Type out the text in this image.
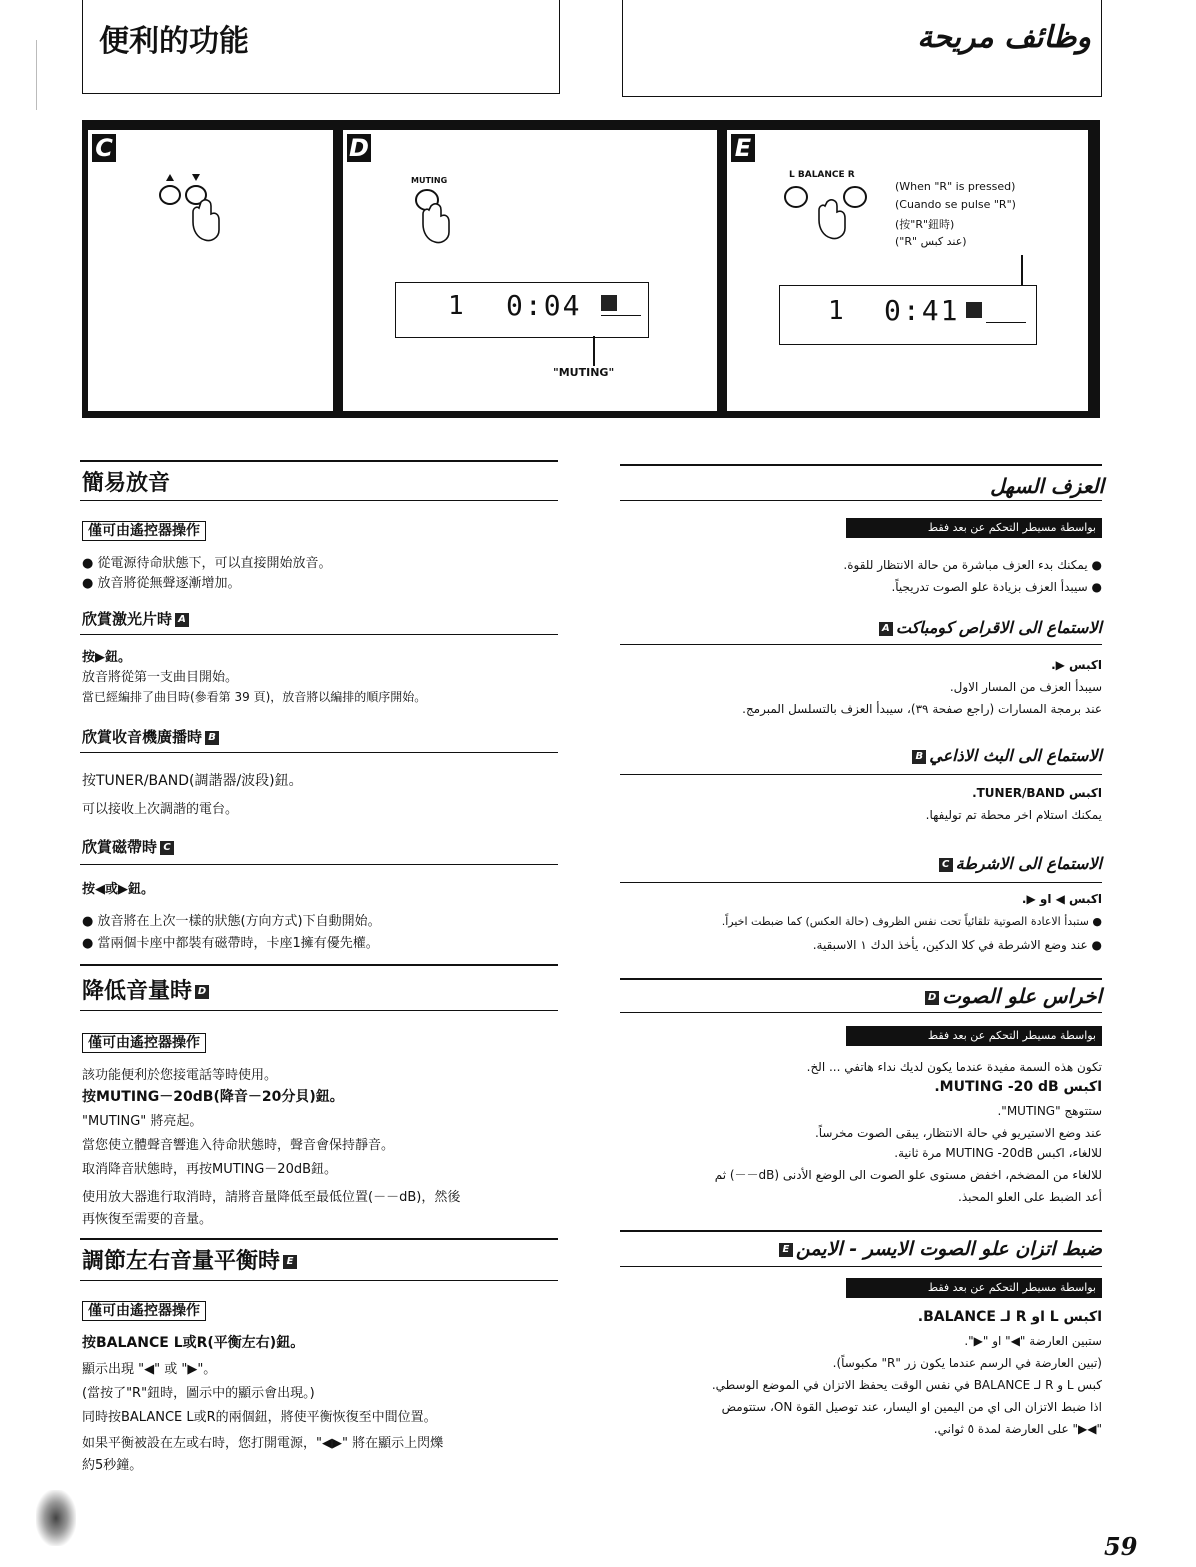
便利的功能	وظائف مريحة
C	D
MUTING
1 0:04
"MUTING"
E
L BALANCE R
(When "R" is pressed)
(Cuando se pulse "R")
(按"R"鈕時)
("R" عند كبس)
1 0:41
簡易放音
僅可由遙控器操作
● 從電源待命狀態下，可以直接開始放音。
● 放音將從無聲逐漸增加。
欣賞激光片時 A
按▶鈕。
放音將從第一支曲目開始。
當已經編排了曲目時(參看第 39 頁)，放音將以編排的順序開始。
欣賞收音機廣播時 B
按TUNER/BAND(調諧器/波段)鈕。
可以接收上次調諧的電台。
欣賞磁帶時 C
按◀或▶鈕。
● 放音將在上次一樣的狀態(方向方式)下自動開始。
● 當兩個卡座中都裝有磁帶時，卡座1擁有優先權。
降低音量時 D
僅可由遙控器操作
該功能便利於您接電話等時使用。
按MUTING－20dB(降音－20分貝)鈕。
"MUTING" 將亮起。
當您使立體聲音響進入待命狀態時，聲音會保持靜音。
取消降音狀態時，再按MUTING－20dB鈕。
使用放大器進行取消時，請將音量降低至最低位置(－－dB)，然後
再恢復至需要的音量。
調節左右音量平衡時 E
僅可由遙控器操作
按BALANCE L或R(平衡左右)鈕。
顯示出現 "◀" 或 "▶"。
(當按了"R"鈕時，圖示中的顯示會出現。)
同時按BALANCE L或R的兩個鈕，將使平衡恢復至中間位置。
如果平衡被設在左或右時，您打開電源，"◀▶" 將在顯示上閃爍
約5秒鐘。
العزف السهل
بواسطة مسيطر التحكم عن بعد فقط
● يمكنك بدء العزف مباشرة من حالة الانتظار للقوة.
● سيبدأ العزف بزيادة علو الصوت تدريجياً.
الاستماع الى الاقراص كومباكتA
اكبس ▶.
سيبدأ العزف من المسار الاول.
عند برمجة المسارات (راجع صفحة ٣٩)، سيبدأ العزف بالتسلسل المبرمج.
الاستماع الى البث الاذاعيB
اكبس TUNER/BAND.
يمكنك استلام اخر محطة تم توليفها.
الاستماع الى الاشرطةC
اكبس ◀ او ▶.
● ستبدأ الاعادة الصوتية تلقائياً تحت نفس الظروف (حالة العكس) كما ضبطت اخيراً.
● عند وضع الاشرطة في كلا الدكين، يأخذ الدك ١ الاسبقية.
اخراس علو الصوتD
بواسطة مسيطر التحكم عن بعد فقط
تكون هذه السمة مفيدة عندما يكون لديك نداء هاتفي ... الخ.
اكبس MUTING -20 dB.
ستتوهج "MUTING".
عند وضع الاستيريو في حالة الانتظار، يبقى الصوت مخرساً.
للالغاء، اكبس MUTING -20dB مرة ثانية.
للالغاء من المضخم، اخفض مستوى علو الصوت الى الوضع الأدنى (dB－－) ثم
أعد الضبط على العلو المحبذ.
ضبط اتزان علو الصوت الايسر - الايمنE
بواسطة مسيطر التحكم عن بعد فقط
اكبس L او R لـ BALANCE.
ستبين العارضة "◀" او "▶".
(تبين العارضة في الرسم عندما يكون زر "R" مكبوساً).
كبس L و R لـ BALANCE في نفس الوقت يحفظ الاتزان في الموضع الوسطي.
اذا ضبط الاتزان الى اي من اليمين او اليسار، عند توصيل القوة ON، ستتومض
"◀▶" على العارضة لمدة ٥ ثواني.
59
